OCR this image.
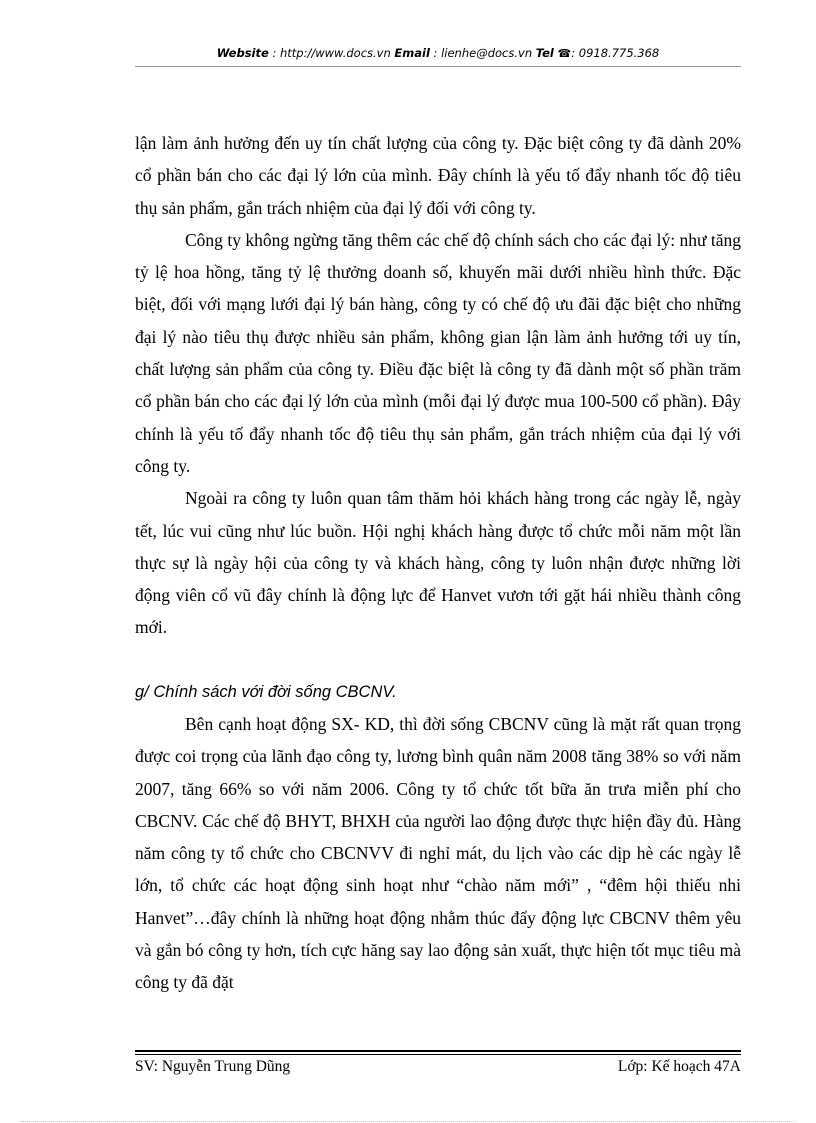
Website : http://www.docs.vn Email : lienhe@docs.vn Tel ☎: 0918.775.368

lận làm ảnh hưởng đến uy tín chất lượng của công ty. Đặc biệt công ty đã dành 20% cổ phần bán cho các đại lý lớn của mình. Đây chính là yếu tố đẩy nhanh tốc độ tiêu thụ sản phẩm, gắn trách nhiệm của đại lý đối với công ty.

Công ty không ngừng tăng thêm các chế độ chính sách cho các đại lý: như tăng tỷ lệ hoa hồng, tăng tỷ lệ thưởng doanh số, khuyến mãi dưới nhiều hình thức. Đặc biệt, đối với mạng lưới đại lý bán hàng, công ty có chế độ ưu đãi đặc biệt cho những đại lý nào tiêu thụ được nhiều sản phẩm, không gian lận làm ảnh hưởng tới uy tín, chất lượng sản phẩm của công ty. Điều đặc biệt là công ty đã dành một số phần trăm cổ phần bán cho các đại lý lớn của mình (mỗi đại lý được mua 100-500 cổ phần). Đây chính là yếu tố đẩy nhanh tốc độ tiêu thụ sản phẩm, gắn trách nhiệm của đại lý với công ty.

Ngoài ra công ty luôn quan tâm thăm hỏi khách hàng trong các ngày lễ, ngày tết, lúc vui cũng như lúc buồn. Hội nghị khách hàng được tổ chức mỗi năm một lần thực sự là ngày hội của công ty và khách hàng, công ty luôn nhận được những lời động viên cổ vũ đây chính là động lực để Hanvet vươn tới gặt hái nhiều thành công mới.

g/ Chính sách với đời sống CBCNV.

Bên cạnh hoạt động SX- KD, thì đời sống CBCNV cũng là mặt rất quan trọng được coi trọng của lãnh đạo công ty, lương bình quân năm 2008 tăng 38% so với năm 2007, tăng 66% so với năm 2006. Công ty tổ chức tốt bữa ăn trưa miễn phí cho CBCNV. Các chế độ BHYT, BHXH của người lao động được thực hiện đầy đủ. Hàng năm công ty tổ chức cho CBCNVV đi nghỉ mát, du lịch vào các dịp hè các ngày lễ lớn, tổ chức các hoạt động sinh hoạt như “chào năm mới” , “đêm hội thiếu nhi Hanvet”…đây chính là những hoạt động nhằm thúc đẩy động lực CBCNV thêm yêu và gắn bó công ty hơn, tích cực hăng say lao động sản xuất, thực hiện tốt mục tiêu mà công ty đã đặt

SV: Nguyễn Trung Dũng	Lớp: Kế hoạch 47A
